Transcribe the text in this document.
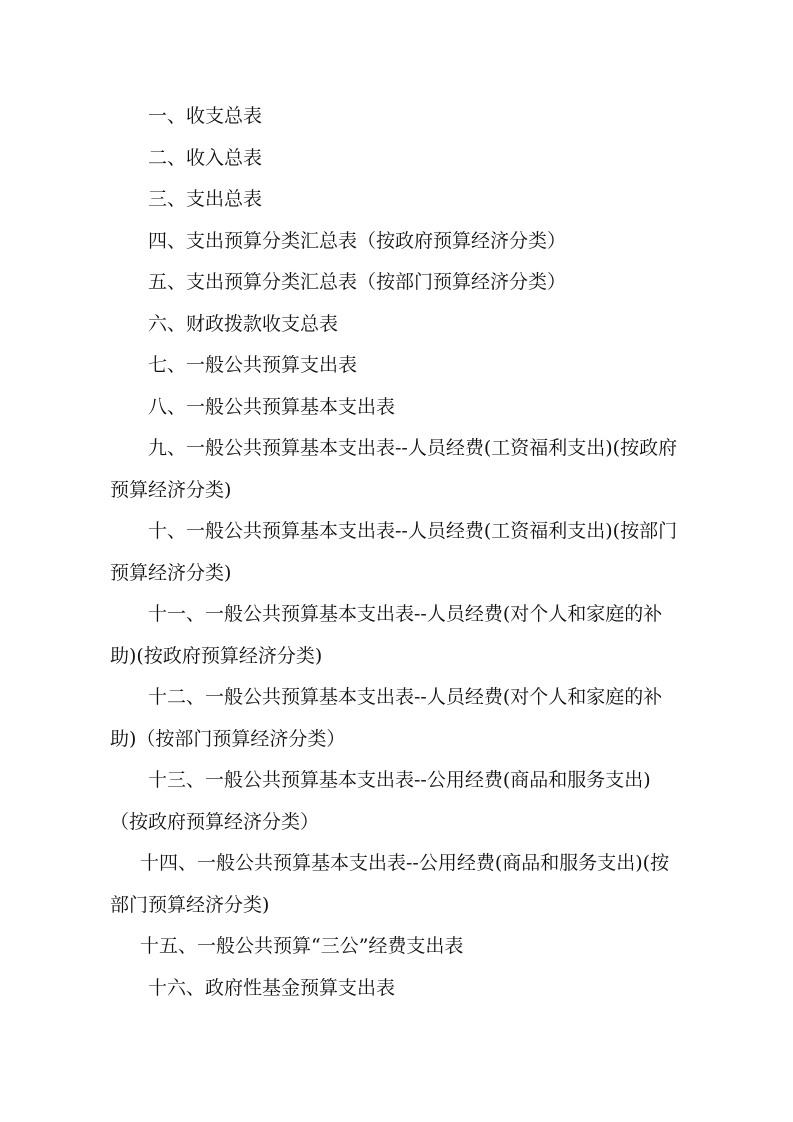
一、收支总表
二、收入总表
三、支出总表
四、支出预算分类汇总表（按政府预算经济分类）
五、支出预算分类汇总表（按部门预算经济分类）
六、财政拨款收支总表
七、一般公共预算支出表
八、一般公共预算基本支出表
九、一般公共预算基本支出表--人员经费(工资福利支出)(按政府预算经济分类)
十、一般公共预算基本支出表--人员经费(工资福利支出)(按部门预算经济分类)
十一、一般公共预算基本支出表--人员经费(对个人和家庭的补助)(按政府预算经济分类)
十二、一般公共预算基本支出表--人员经费(对个人和家庭的补助)（按部门预算经济分类）
十三、一般公共预算基本支出表--公用经费(商品和服务支出)（按政府预算经济分类）
十四、一般公共预算基本支出表--公用经费(商品和服务支出)(按部门预算经济分类)
十五、一般公共预算“三公”经费支出表
十六、政府性基金预算支出表
